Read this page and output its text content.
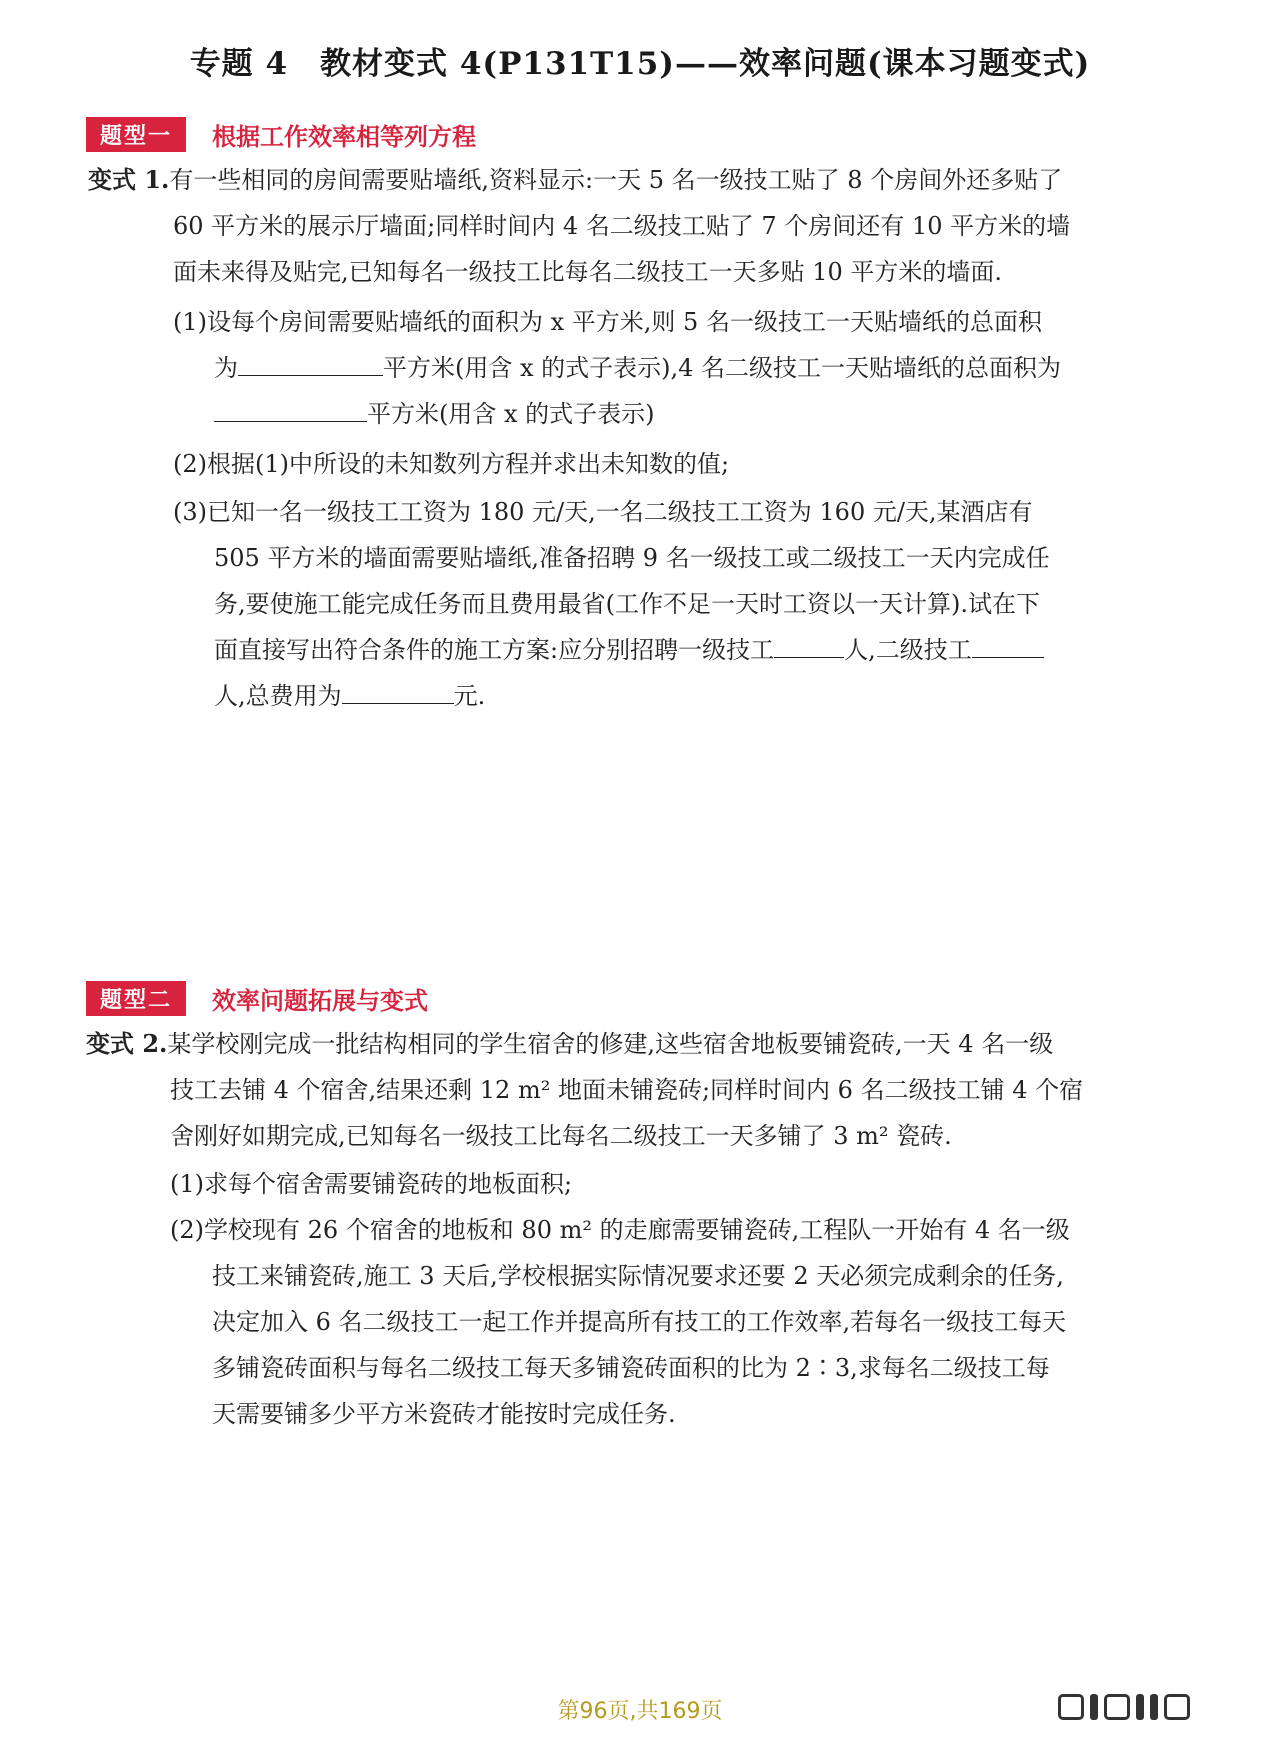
专题 4　教材变式 4(P131T15)——效率问题(课本习题变式)
题型一	根据工作效率相等列方程

变式 1.有一些相同的房间需要贴墙纸,资料显示:一天 5 名一级技工贴了 8 个房间外还多贴了

60 平方米的展示厅墙面;同样时间内 4 名二级技工贴了 7 个房间还有 10 平方米的墙

面未来得及贴完,已知每名一级技工比每名二级技工一天多贴 10 平方米的墙面.

(1)设每个房间需要贴墙纸的面积为 x 平方米,则 5 名一级技工一天贴墙纸的总面积

为	平方米(用含 x 的式子表示),4 名二级技工一天贴墙纸的总面积为

平方米(用含 x 的式子表示)

(2)根据(1)中所设的未知数列方程并求出未知数的值;

(3)已知一名一级技工工资为 180 元/天,一名二级技工工资为 160 元/天,某酒店有

505 平方米的墙面需要贴墙纸,准备招聘 9 名一级技工或二级技工一天内完成任

务,要使施工能完成任务而且费用最省(工作不足一天时工资以一天计算).试在下

面直接写出符合条件的施工方案:应分别招聘一级技工	人,二级技工

人,总费用为	元.

题型二	效率问题拓展与变式

变式 2.某学校刚完成一批结构相同的学生宿舍的修建,这些宿舍地板要铺瓷砖,一天 4 名一级

技工去铺 4 个宿舍,结果还剩 12 m² 地面未铺瓷砖;同样时间内 6 名二级技工铺 4 个宿

舍刚好如期完成,已知每名一级技工比每名二级技工一天多铺了 3 m² 瓷砖.

(1)求每个宿舍需要铺瓷砖的地板面积;

(2)学校现有 26 个宿舍的地板和 80 m² 的走廊需要铺瓷砖,工程队一开始有 4 名一级

技工来铺瓷砖,施工 3 天后,学校根据实际情况要求还要 2 天必须完成剩余的任务,

决定加入 6 名二级技工一起工作并提高所有技工的工作效率,若每名一级技工每天

多铺瓷砖面积与每名二级技工每天多铺瓷砖面积的比为 2∶3,求每名二级技工每

天需要铺多少平方米瓷砖才能按时完成任务.

第96页,共169页
